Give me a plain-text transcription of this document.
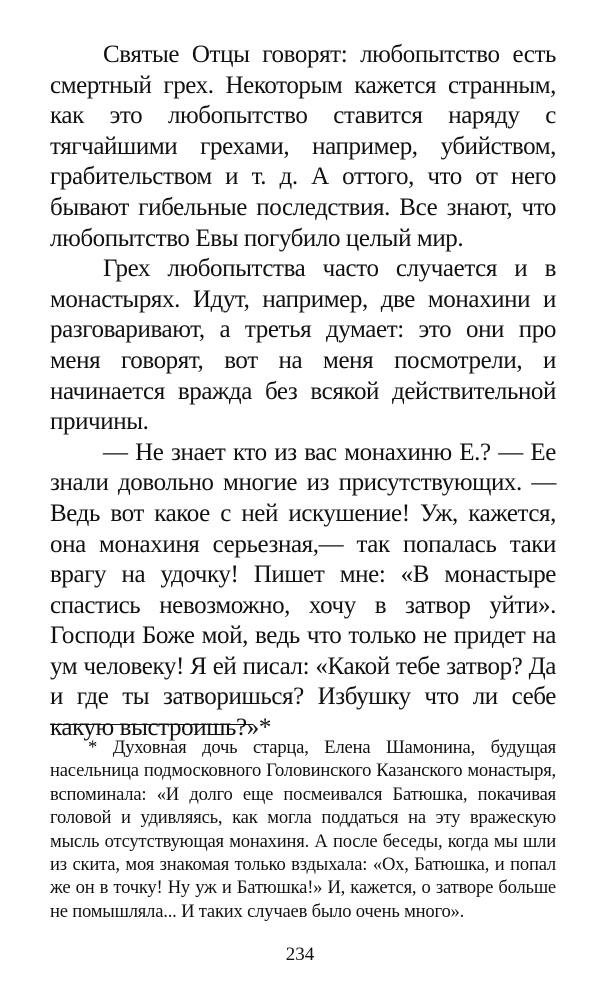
Святые Отцы говорят: любопытство есть смертный грех. Некоторым кажется странным, как это любопытство ставится наряду с тягчайшими грехами, например, убийством, грабительством и т. д. А оттого, что от него бывают гибельные последствия. Все знают, что любопытство Евы погубило целый мир.

Грех любопытства часто случается и в монастырях. Идут, например, две монахини и разговаривают, а третья думает: это они про меня говорят, вот на меня посмотрели, и начинается вражда без всякой действительной причины.

— Не знает кто из вас монахиню Е.? — Ее знали довольно многие из присутствующих. — Ведь вот какое с ней искушение! Уж, кажется, она монахиня серьезная,— так попалась таки врагу на удочку! Пишет мне: «В монастыре спастись невозможно, хочу в затвор уйти». Господи Боже мой, ведь что только не придет на ум человеку! Я ей писал: «Какой тебе затвор? Да и где ты затворишься? Избушку что ли себе какую выстроишь?»*

* Духовная дочь старца, Елена Шамонина, будущая насельница подмосковного Головинского Казанского монастыря, вспоминала: «И долго еще посмеивался Батюшка, покачивая головой и удивляясь, как могла поддаться на эту вражескую мысль отсутствующая монахиня. А после беседы, когда мы шли из скита, моя знакомая только вздыхала: «Ох, Батюшка, и попал же он в точку! Ну уж и Батюшка!» И, кажется, о затворе больше не помышляла... И таких случаев было очень много».

234
